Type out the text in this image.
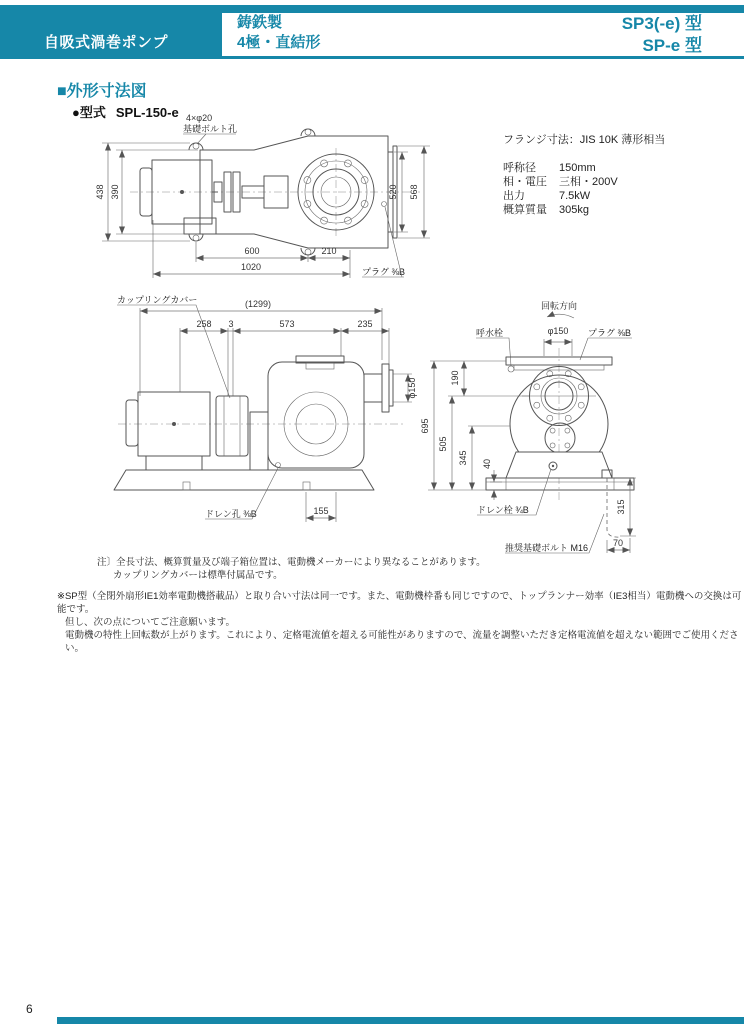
自吸式渦巻ポンプ
鋳鉄製
4極・直結形
SP3(-e) 型
SP-e 型
■外形寸法図
●型式 SPL-150-e
フランジ寸法：JIS 10K 薄形相当
呼称径	150mm
相・電圧	三相・200V
出力	7.5kW
概算質量	305kg
4×φ20
基礎ボルト孔
プラグ ⅜B
438 390	520 568
600	210
1020
カップリングカバー	(1299)
258 3	573	235
φ150
ドレン孔 ⅜B	155
回転方向
呼水栓	φ150 プラグ ⅜B
695
505
190
345 40
315
70
ドレン栓 ¾B
推奨基礎ボルト M16
注〕全長寸法、概算質量及び端子箱位置は、電動機メーカーにより異なることがあります。
カップリングカバーは標準付属品です。
※SP型（全閉外扇形IE1効率電動機搭載品）と取り合い寸法は同一です。また、電動機枠番も同じですので、トップランナー効率（IE3相当）電動機への交換は可能です。
但し、次の点についてご注意願います。
電動機の特性上回転数が上がります。これにより、定格電流値を超える可能性がありますので、流量を調整いただき定格電流値を超えない範囲でご使用ください。
6
